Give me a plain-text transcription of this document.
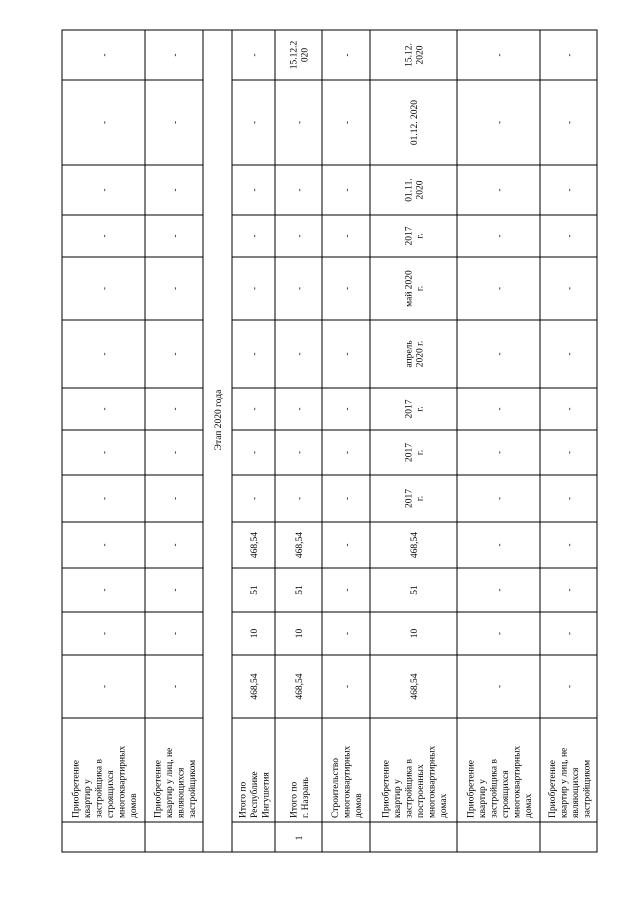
Этап 2020 года
Приобретение квартир у застройщика в строящихся многоквартирных домов
-
-
-
-
-
-
-
-
-
-
-
-
-
Приобретение квартир у лиц, не являющихся застройщиком
-
-
-
-
-
-
-
-
-
-
-
-
-
Итого по Республике Ингушетия
468,54
10
51
468,54
-
-
-
-
-
-
-
-
-
Итого по г. Назрань
1
468,54
10
51
468,54
-
-
-
-
-
-
-
-
15.12.2 020
Строительство многоквартирных домов
-
-
-
-
-
-
-
-
-
-
-
-
-
Приобретение квартир у застройщика в построенных многоквартирных домах
468,54
10
51
468,54
2017 г.
2017 г.
2017 г.
апрель 2020 г.
май 2020 г.
2017 г.
01.11. 2020
01.12. 2020
15.12. 2020
Приобретение квартир у застройщика в строящихся многоквартирных домах
-
-
-
-
-
-
-
-
-
-
-
-
-
Приобретение квартир у лиц, не являющихся застройщиком
-
-
-
-
-
-
-
-
-
-
-
-
-
